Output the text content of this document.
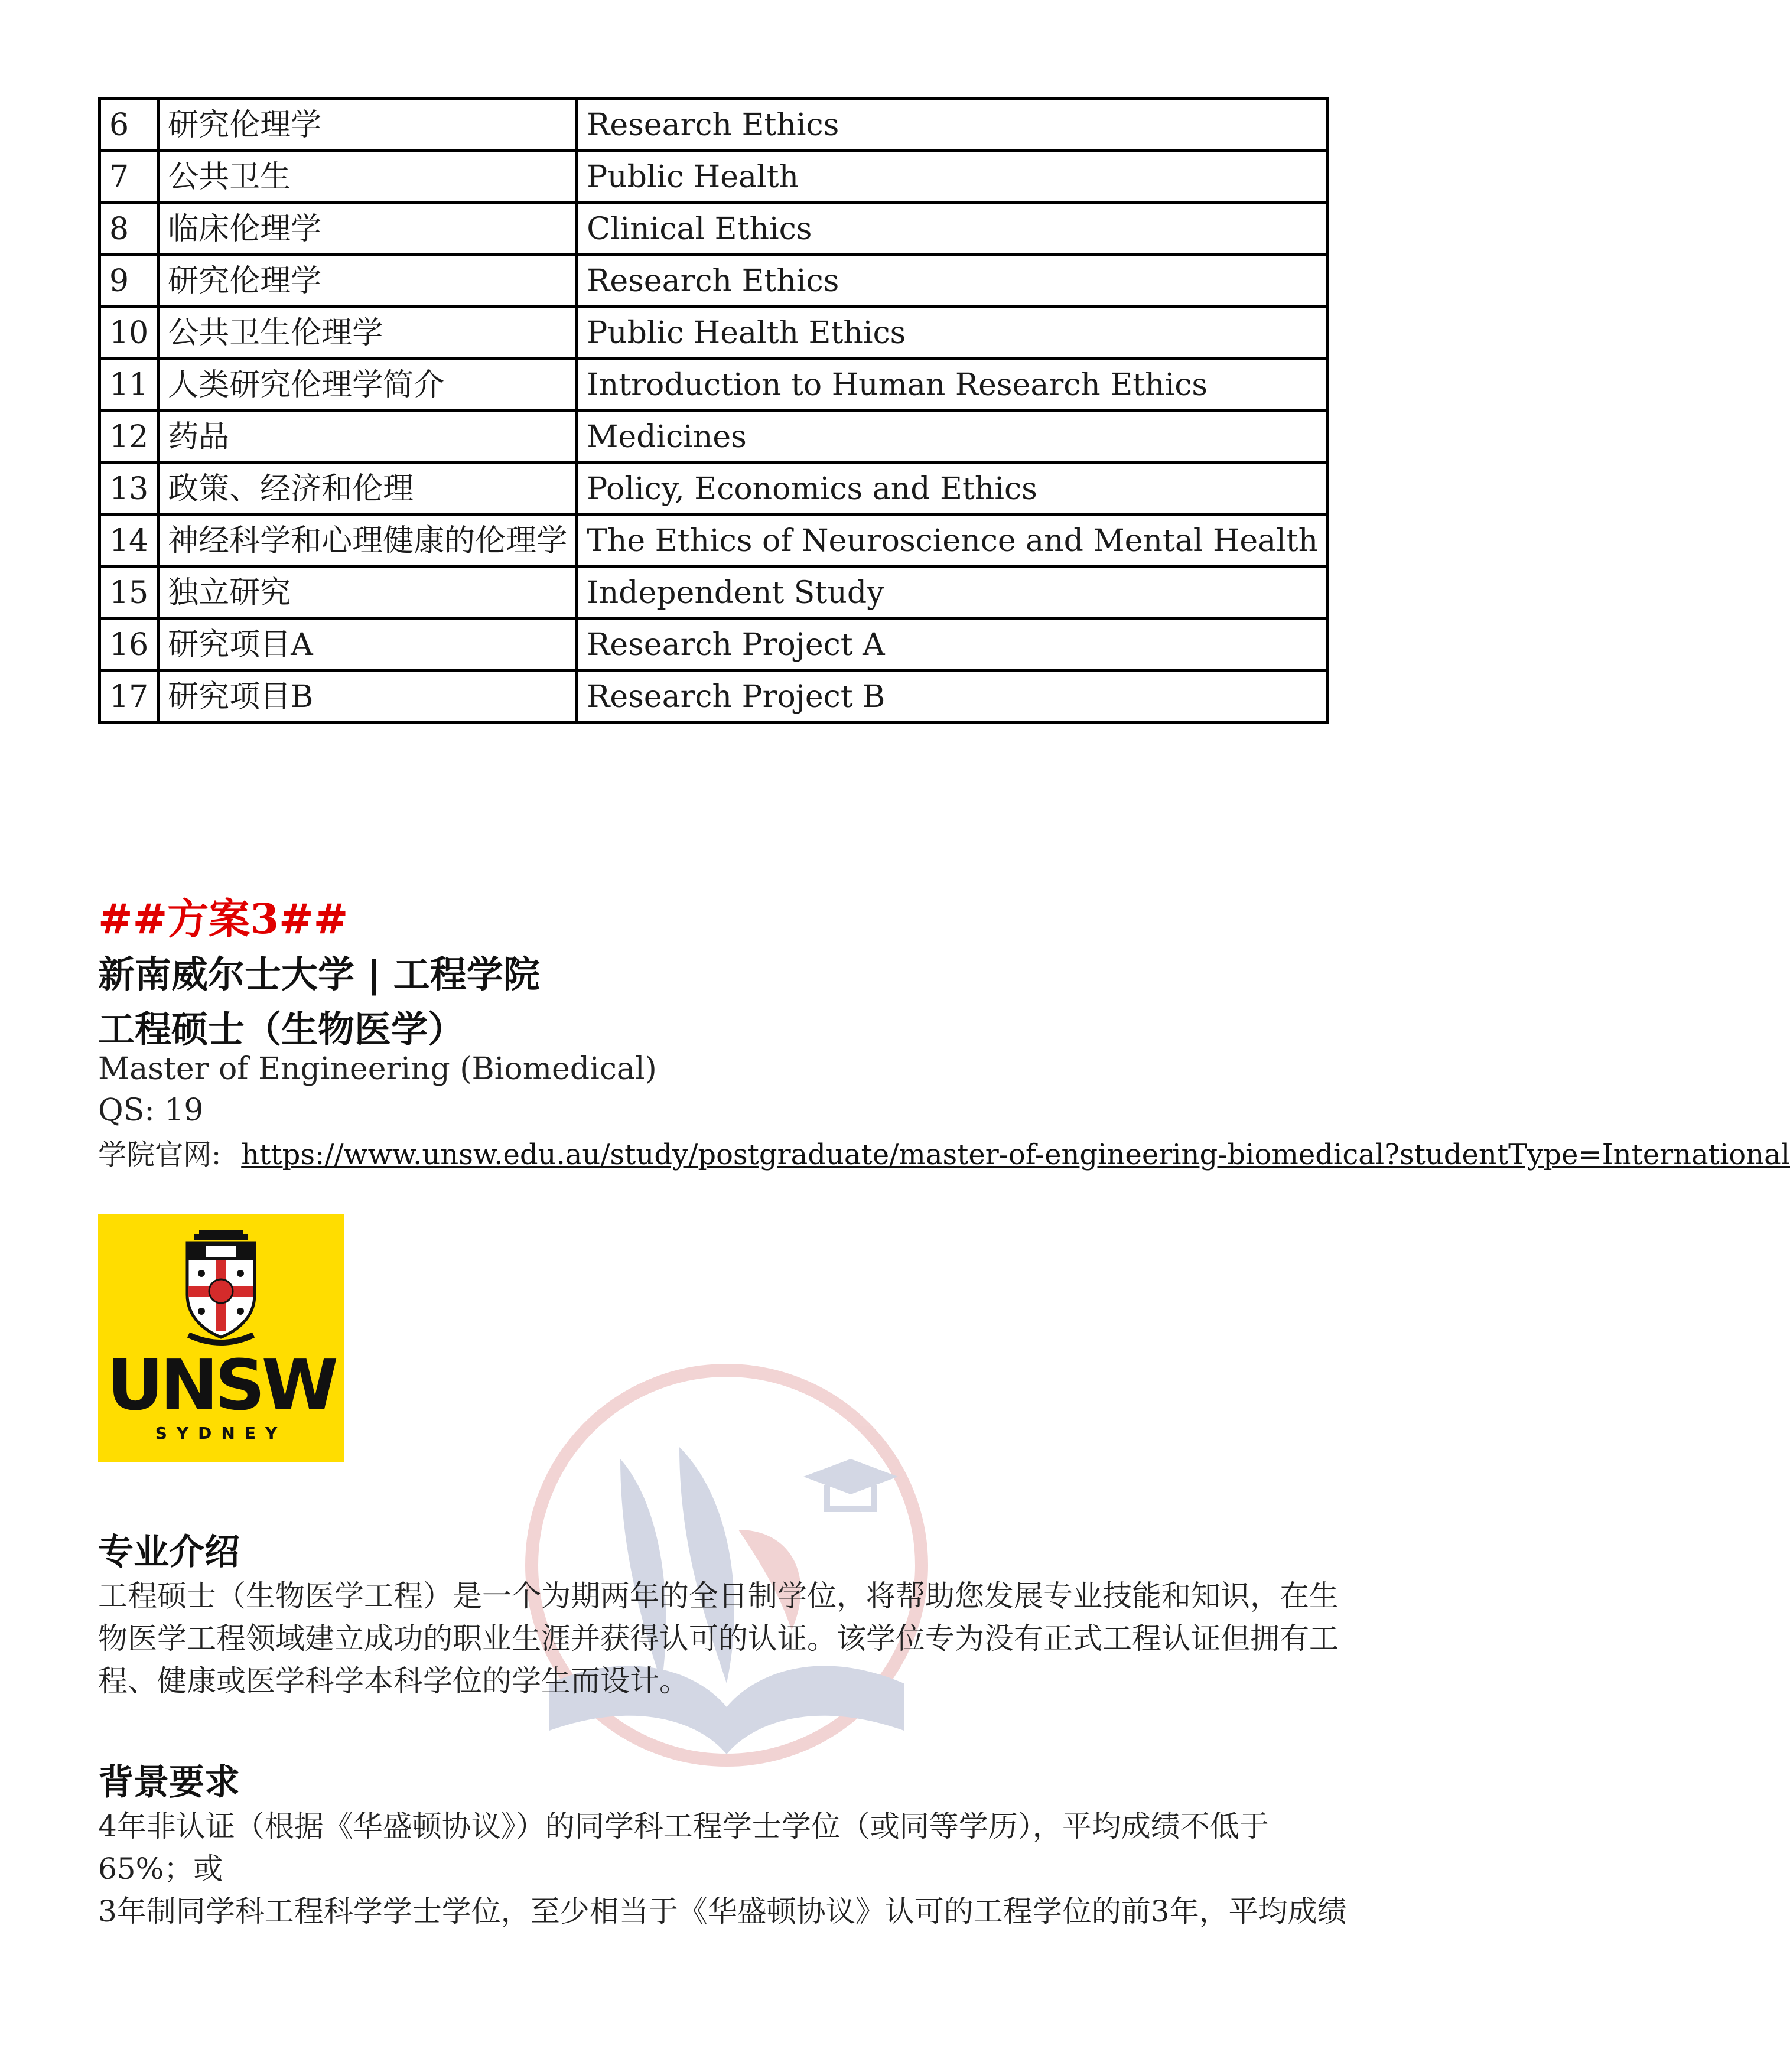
6	研究伦理学	Research Ethics
7	公共卫生	Public Health
8	临床伦理学	Clinical Ethics
9	研究伦理学	Research Ethics
10	公共卫生伦理学	Public Health Ethics
11	人类研究伦理学简介	Introduction to Human Research Ethics
12	药品	Medicines
13	政策、经济和伦理	Policy, Economics and Ethics
14	神经科学和心理健康的伦理学	The Ethics of Neuroscience and Mental Health
15	独立研究	Independent Study
16	研究项目A	Research Project A
17	研究项目B	Research Project B
##方案3##
新南威尔士大学 | 工程学院
工程硕士（生物医学）
Master of Engineering (Biomedical)
QS: 19
学院官网: https://www.unsw.edu.au/study/postgraduate/master-of-engineering-biomedical?studentType=International
UNSW
SYDNEY
专业介绍
工程硕士（生物医学工程）是一个为期两年的全日制学位，将帮助您发展专业技能和知识，在生
物医学工程领域建立成功的职业生涯并获得认可的认证。该学位专为没有正式工程认证但拥有工
程、健康或医学科学本科学位的学生而设计。
背景要求
4年非认证（根据《华盛顿协议》）的同学科工程学士学位（或同等学历），平均成绩不低于
65%；或
3年制同学科工程科学学士学位，至少相当于《华盛顿协议》认可的工程学位的前3年，平均成绩
